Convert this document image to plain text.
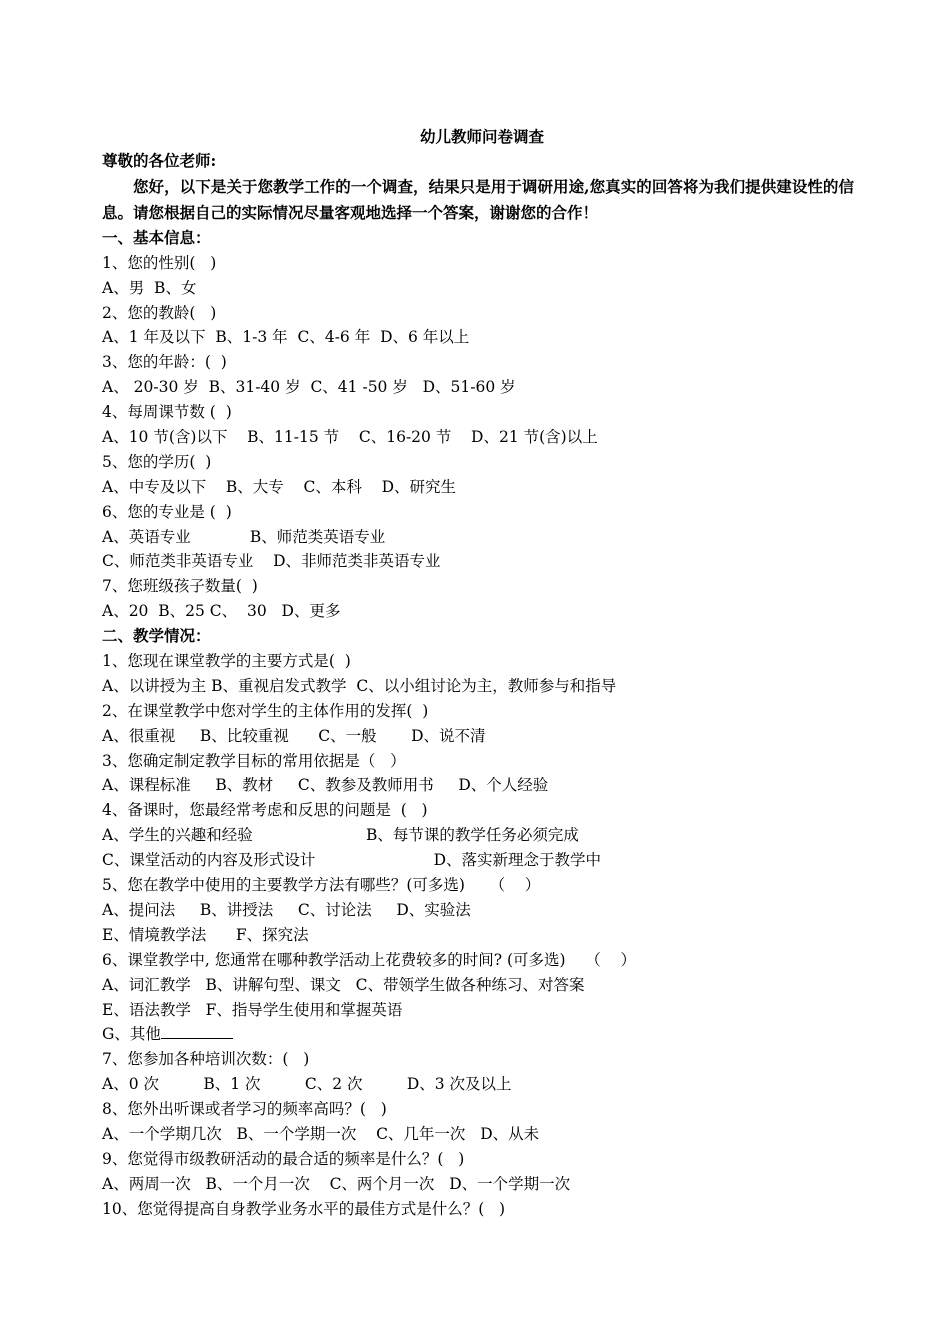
幼儿教师问卷调查
尊敬的各位老师:
您好，以下是关于您教学工作的一个调查，结果只是用于调研用途,您真实的回答将为我们提供建设性的信息。请您根据自己的实际情况尽量客观地选择一个答案，谢谢您的合作！
一、基本信息：
1、您的性别(   )
A、男  B、女
2、您的教龄(   )
A、1 年及以下  B、1-3 年  C、4-6 年  D、6 年以上
3、您的年龄：(  )
A、 20-30 岁  B、31-40 岁  C、41 -50 岁   D、51-60 岁
4、每周课节数 (  )
A、10 节(含)以下    B、11-15 节    C、16-20 节    D、21 节(含)以上
5、您的学历(  )
A、中专及以下    B、大专    C、本科    D、研究生
6、您的专业是 (  )
A、英语专业            B、师范类英语专业
C、师范类非英语专业    D、非师范类非英语专业
7、您班级孩子数量(  )
A、20  B、25 C、  30   D、更多
二、教学情况：
1、您现在课堂教学的主要方式是(  )
A、以讲授为主 B、重视启发式教学  C、以小组讨论为主，教师参与和指导
2、在课堂教学中您对学生的主体作用的发挥(  )
A、很重视     B、比较重视      C、一般       D、说不清
3、您确定制定教学目标的常用依据是（   ）
A、课程标准     B、教材     C、教参及教师用书     D、个人经验
4、备课时，您最经常考虑和反思的问题是  (   )
A、学生的兴趣和经验                       B、每节课的教学任务必须完成
C、课堂活动的内容及形式设计                        D、落实新理念于教学中
5、您在教学中使用的主要教学方法有哪些？(可多选)     （    ）
A、提问法     B、讲授法     C、讨论法     D、实验法
E、情境教学法      F、探究法
6、课堂教学中, 您通常在哪种教学活动上花费较多的时间? (可多选)    （    ）
A、词汇教学   B、讲解句型、课文   C、带领学生做各种练习、对答案
E、语法教学   F、指导学生使用和掌握英语
G、其他
7、您参加各种培训次数：(   )
A、0 次         B、1 次         C、2 次         D、3 次及以上
8、您外出听课或者学习的频率高吗？(   )
A、一个学期几次   B、一个学期一次    C、几年一次   D、从未
9、您觉得市级教研活动的最合适的频率是什么？(   )
A、两周一次   B、一个月一次    C、两个月一次   D、一个学期一次
10、您觉得提高自身教学业务水平的最佳方式是什么？(   )
